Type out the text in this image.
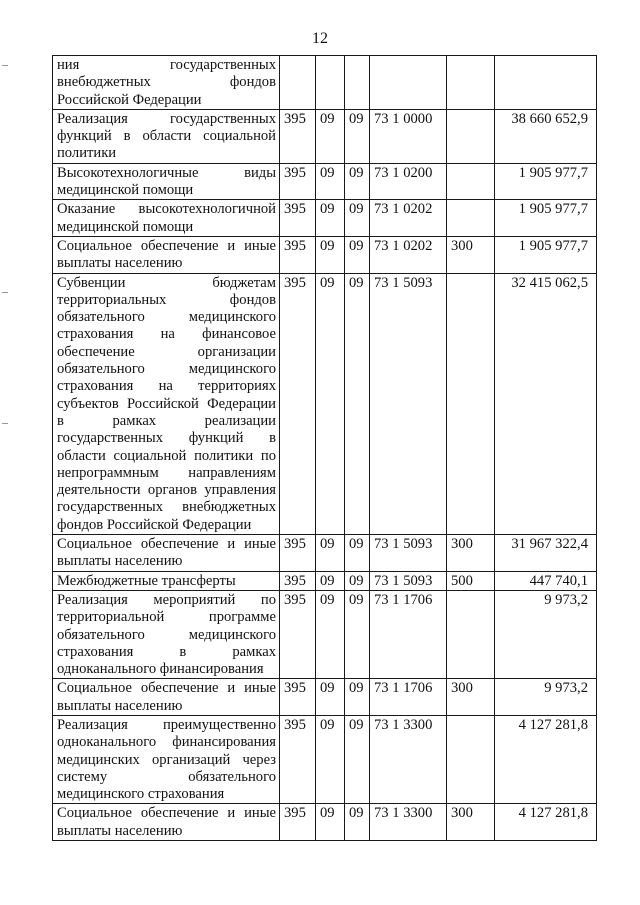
12
ния государственных внебюджетных фондов Российской Федерации						
Реализация государственных функций в области социальной политики	395	09	09	73 1 0000		38 660 652,9
Высокотехнологичные виды медицинской помощи	395	09	09	73 1 0200		1 905 977,7
Оказание высокотехнологичной медицинской помощи	395	09	09	73 1 0202		1 905 977,7
Социальное обеспечение и иные выплаты населению	395	09	09	73 1 0202	300	1 905 977,7
Субвенции бюджетам территориальных фондов обязательного медицинского страхования на финансовое обеспечение организации обязательного медицинского страхования на территориях субъектов Российской Федерации в рамках реализации государственных функций в области социальной политики по непрограммным направлениям деятельности органов управления государственных внебюджетных фондов Российской Федерации	395	09	09	73 1 5093		32 415 062,5
Социальное обеспечение и иные выплаты населению	395	09	09	73 1 5093	300	31 967 322,4
Межбюджетные трансферты	395	09	09	73 1 5093	500	447 740,1
Реализация мероприятий по территориальной программе обязательного медицинского страхования в рамках одноканального финансирования	395	09	09	73 1 1706		9 973,2
Социальное обеспечение и иные выплаты населению	395	09	09	73 1 1706	300	9 973,2
Реализация преимущественно одноканального финансирования медицинских организаций через систему обязательного медицинского страхования	395	09	09	73 1 3300		4 127 281,8
Социальное обеспечение и иные выплаты населению	395	09	09	73 1 3300	300	4 127 281,8
